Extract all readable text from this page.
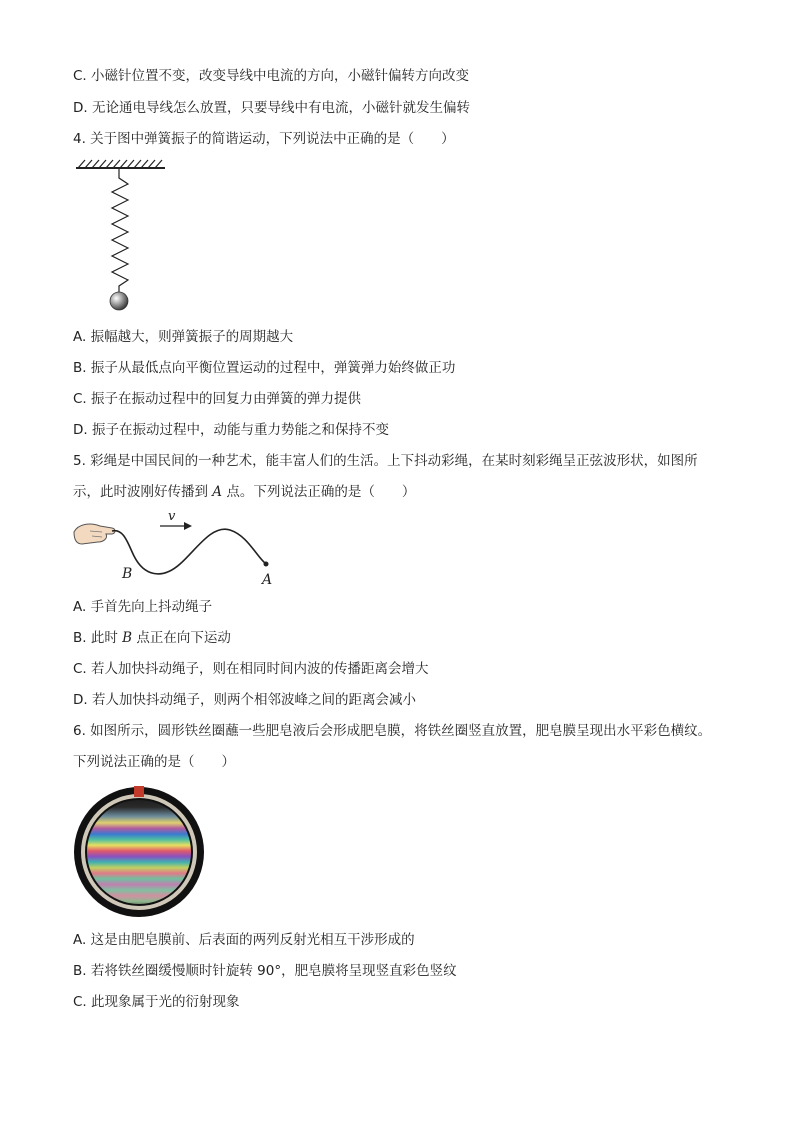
C. 小磁针位置不变，改变导线中电流的方向，小磁针偏转方向改变
D. 无论通电导线怎么放置，只要导线中有电流，小磁针就发生偏转
4. 关于图中弹簧振子的简谐运动，下列说法中正确的是（　　）
A. 振幅越大，则弹簧振子的周期越大
B. 振子从最低点向平衡位置运动的过程中，弹簧弹力始终做正功
C. 振子在振动过程中的回复力由弹簧的弹力提供
D. 振子在振动过程中，动能与重力势能之和保持不变
5. 彩绳是中国民间的一种艺术，能丰富人们的生活。上下抖动彩绳，在某时刻彩绳呈正弦波形状，如图所
示，此时波刚好传播到 A 点。下列说法正确的是（　　）
v
B	A
A. 手首先向上抖动绳子
B. 此时 B 点正在向下运动
C. 若人加快抖动绳子，则在相同时间内波的传播距离会增大
D. 若人加快抖动绳子，则两个相邻波峰之间的距离会减小
6. 如图所示，圆形铁丝圈蘸一些肥皂液后会形成肥皂膜，将铁丝圈竖直放置，肥皂膜呈现出水平彩色横纹。
下列说法正确的是（　　）
A. 这是由肥皂膜前、后表面的两列反射光相互干涉形成的
B. 若将铁丝圈缓慢顺时针旋转 90°，肥皂膜将呈现竖直彩色竖纹
C. 此现象属于光的衍射现象
